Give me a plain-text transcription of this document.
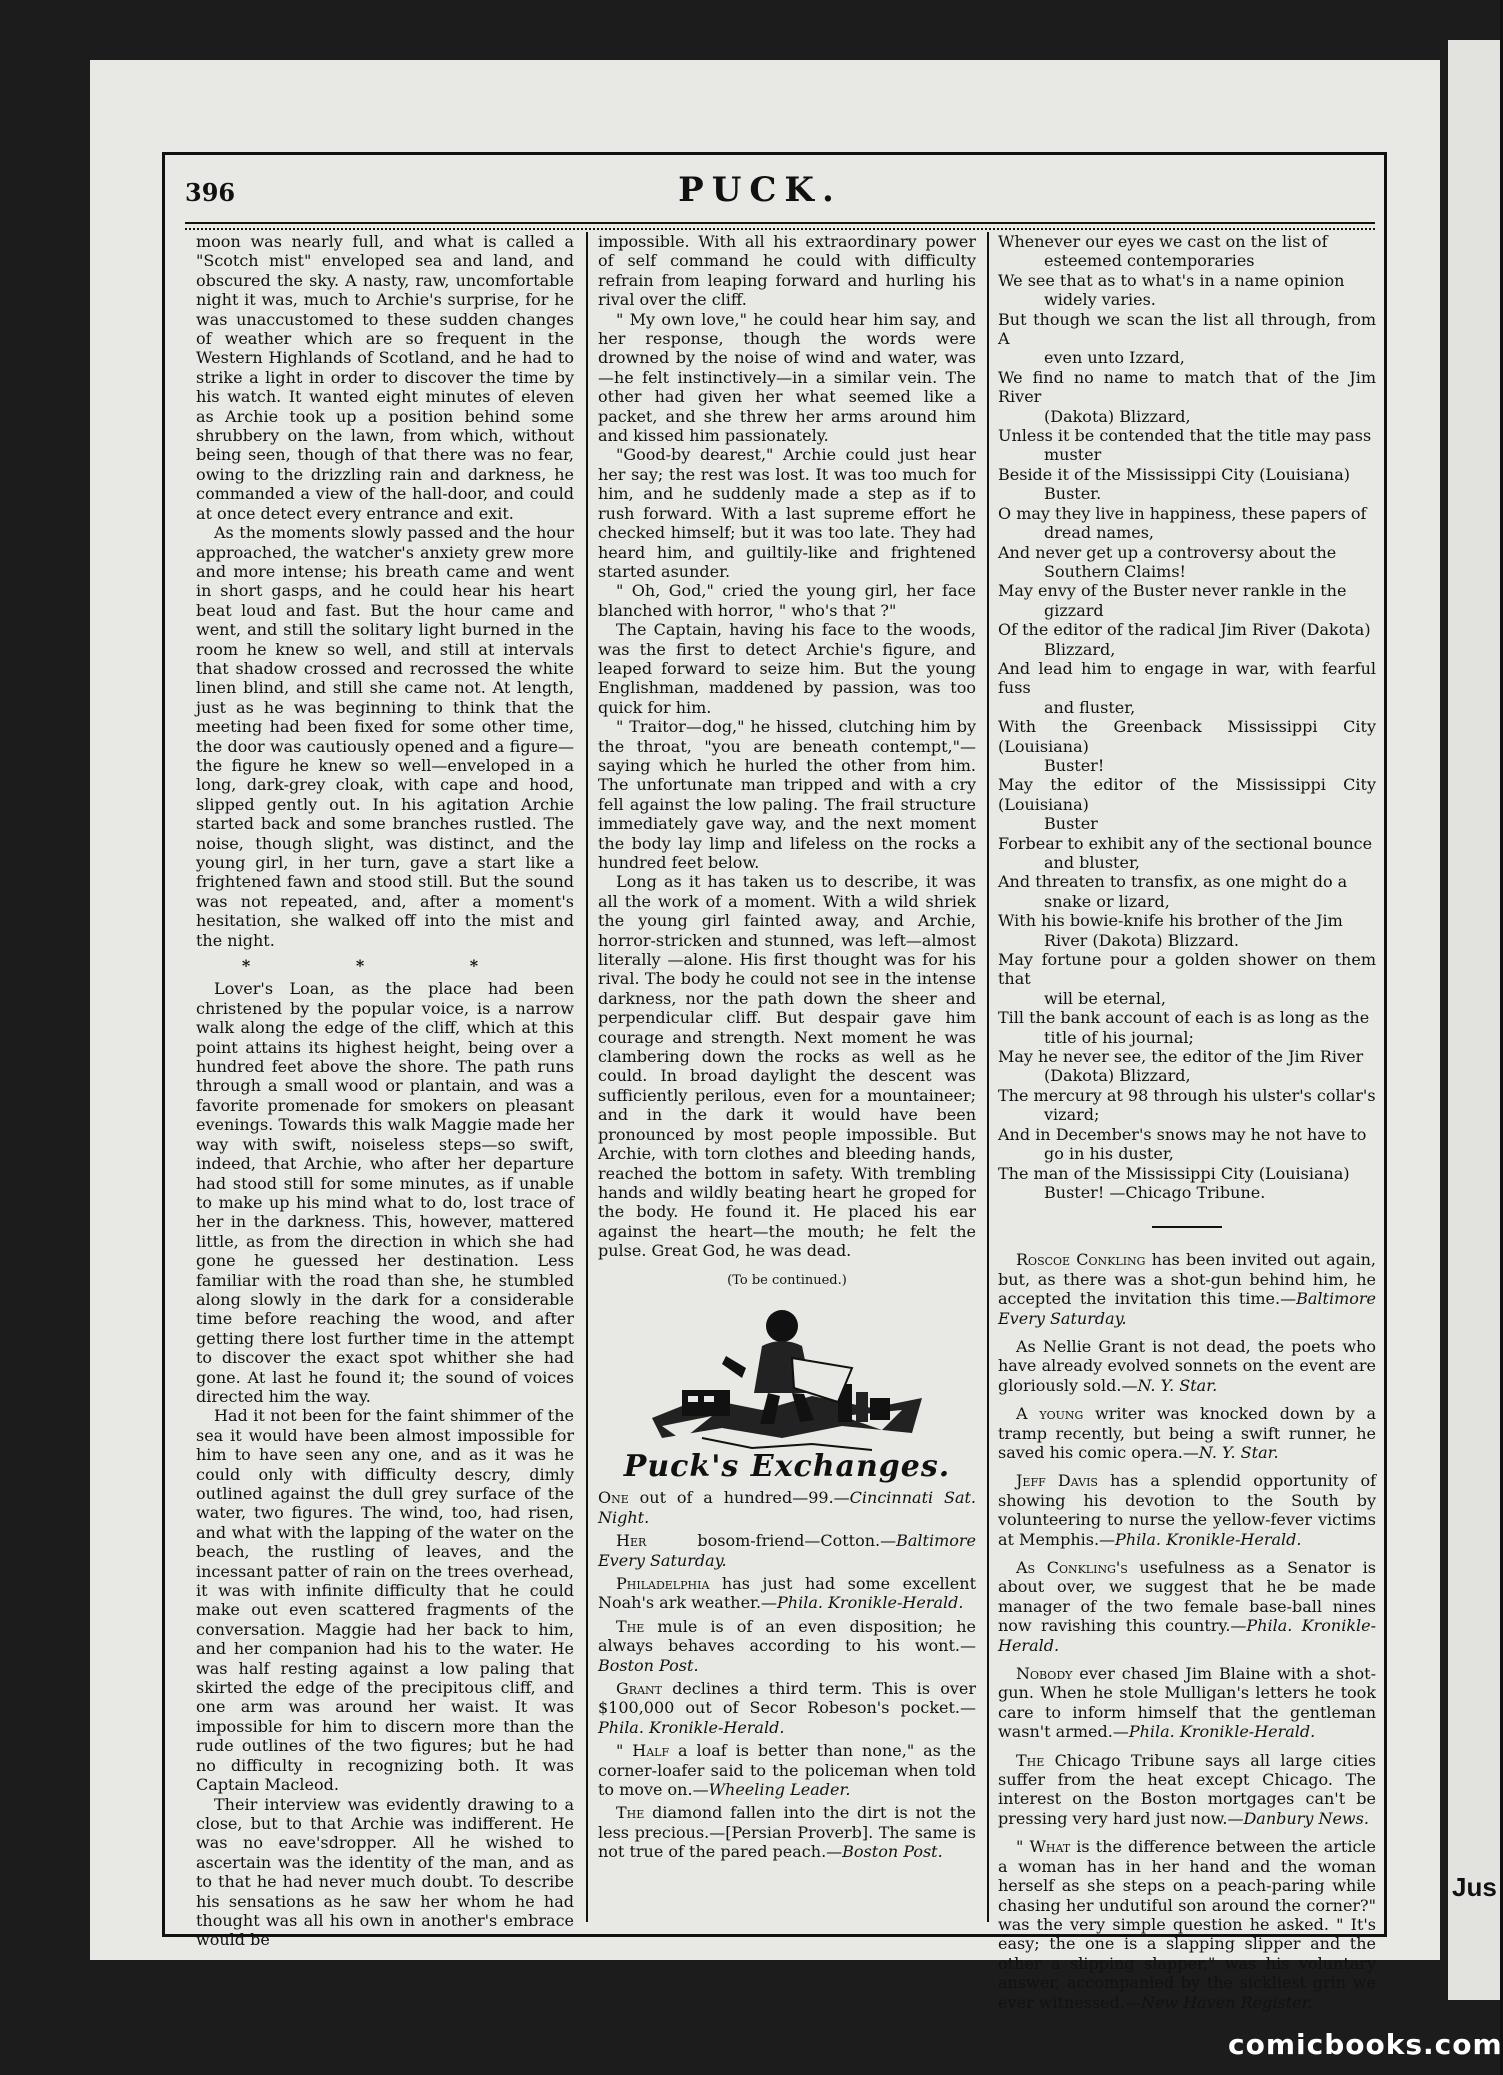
Jus
396	PUCK.

moon was nearly full, and what is called a "Scotch mist" enveloped sea and land, and obscured the sky. A nasty, raw, uncomfortable night it was, much to Archie's surprise, for he was unaccustomed to these sudden changes of weather which are so frequent in the Western Highlands of Scotland, and he had to strike a light in order to discover the time by his watch. It wanted eight minutes of eleven as Archie took up a position behind some shrubbery on the lawn, from which, without being seen, though of that there was no fear, owing to the drizzling rain and darkness, he commanded a view of the hall-door, and could at once detect every entrance and exit.

As the moments slowly passed and the hour approached, the watcher's anxiety grew more and more intense; his breath came and went in short gasps, and he could hear his heart beat loud and fast. But the hour came and went, and still the solitary light burned in the room he knew so well, and still at intervals that shadow crossed and recrossed the white linen blind, and still she came not. At length, just as he was beginning to think that the meeting had been fixed for some other time, the door was cautiously opened and a figure—the figure he knew so well—enveloped in a long, dark-grey cloak, with cape and hood, slipped gently out. In his agitation Archie started back and some branches rustled. The noise, though slight, was distinct, and the young girl, in her turn, gave a start like a frightened fawn and stood still. But the sound was not repeated, and, after a moment's hesitation, she walked off into the mist and the night.

* * *

Lover's Loan, as the place had been christened by the popular voice, is a narrow walk along the edge of the cliff, which at this point attains its highest height, being over a hundred feet above the shore. The path runs through a small wood or plantain, and was a favorite promenade for smokers on pleasant evenings. Towards this walk Maggie made her way with swift, noiseless steps—so swift, indeed, that Archie, who after her departure had stood still for some minutes, as if unable to make up his mind what to do, lost trace of her in the darkness. This, however, mattered little, as from the direction in which she had gone he guessed her destination. Less familiar with the road than she, he stumbled along slowly in the dark for a considerable time before reaching the wood, and after getting there lost further time in the attempt to discover the exact spot whither she had gone. At last he found it; the sound of voices directed him the way.

Had it not been for the faint shimmer of the sea it would have been almost impossible for him to have seen any one, and as it was he could only with difficulty descry, dimly outlined against the dull grey surface of the water, two figures. The wind, too, had risen, and what with the lapping of the water on the beach, the rustling of leaves, and the incessant patter of rain on the trees overhead, it was with infinite difficulty that he could make out even scattered fragments of the conversation. Maggie had her back to him, and her companion had his to the water. He was half resting against a low paling that skirted the edge of the precipitous cliff, and one arm was around her waist. It was impossible for him to discern more than the rude outlines of the two figures; but he had no difficulty in recognizing both. It was Captain Macleod.

Their interview was evidently drawing to a close, but to that Archie was indifferent. He was no eave'sdropper. All he wished to ascertain was the identity of the man, and as to that he had never much doubt. To describe his sensations as he saw her whom he had thought was all his own in another's embrace would be

impossible. With all his extraordinary power of self command he could with difficulty refrain from leaping forward and hurling his rival over the cliff.

" My own love," he could hear him say, and her response, though the words were drowned by the noise of wind and water, was—he felt instinctively—in a similar vein. The other had given her what seemed like a packet, and she threw her arms around him and kissed him passionately.

"Good-by dearest," Archie could just hear her say; the rest was lost. It was too much for him, and he suddenly made a step as if to rush forward. With a last supreme effort he checked himself; but it was too late. They had heard him, and guiltily-like and frightened started asunder.

" Oh, God," cried the young girl, her face blanched with horror, " who's that ?"

The Captain, having his face to the woods, was the first to detect Archie's figure, and leaped forward to seize him. But the young Englishman, maddened by passion, was too quick for him.

" Traitor—dog," he hissed, clutching him by the throat, "you are beneath contempt,"—saying which he hurled the other from him. The unfortunate man tripped and with a cry fell against the low paling. The frail structure immediately gave way, and the next moment the body lay limp and lifeless on the rocks a hundred feet below.

Long as it has taken us to describe, it was all the work of a moment. With a wild shriek the young girl fainted away, and Archie, horror-stricken and stunned, was left—almost literally —alone. His first thought was for his rival. The body he could not see in the intense darkness, nor the path down the sheer and perpendicular cliff. But despair gave him courage and strength. Next moment he was clambering down the rocks as well as he could. In broad daylight the descent was sufficiently perilous, even for a mountaineer; and in the dark it would have been pronounced by most people impossible. But Archie, with torn clothes and bleeding hands, reached the bottom in safety. With trembling hands and wildly beating heart he groped for the body. He found it. He placed his ear against the heart—the mouth; he felt the pulse. Great God, he was dead.

(To be continued.)
Puck's Exchanges.

One out of a hundred—99.—Cincinnati Sat. Night.

Her bosom-friend—Cotton.—Baltimore Every Saturday.

Philadelphia has just had some excellent Noah's ark weather.—Phila. Kronikle-Herald.

The mule is of an even disposition; he always behaves according to his wont.—Boston Post.

Grant declines a third term. This is over $100,000 out of Secor Robeson's pocket.—Phila. Kronikle-Herald.

" Half a loaf is better than none," as the corner-loafer said to the policeman when told to move on.—Wheeling Leader.

The diamond fallen into the dirt is not the less precious.—[Persian Proverb]. The same is not true of the pared peach.—Boston Post.

Whenever our eyes we cast on the list of
esteemed contemporaries
We see that as to what's in a name opinion
widely varies.
But though we scan the list all through, from A
even unto Izzard,
We find no name to match that of the Jim River
(Dakota) Blizzard,
Unless it be contended that the title may pass
muster
Beside it of the Mississippi City (Louisiana)
Buster.
O may they live in happiness, these papers of
dread names,
And never get up a controversy about the
Southern Claims!
May envy of the Buster never rankle in the
gizzard
Of the editor of the radical Jim River (Dakota)
Blizzard,
And lead him to engage in war, with fearful fuss
and fluster,
With the Greenback Mississippi City (Louisiana)
Buster!
May the editor of the Mississippi City (Louisiana)
Buster
Forbear to exhibit any of the sectional bounce
and bluster,
And threaten to transfix, as one might do a
snake or lizard,
With his bowie-knife his brother of the Jim
River (Dakota) Blizzard.
May fortune pour a golden shower on them that
will be eternal,
Till the bank account of each is as long as the
title of his journal;
May he never see, the editor of the Jim River
(Dakota) Blizzard,
The mercury at 98 through his ulster's collar's
vizard;
And in December's snows may he not have to
go in his duster,
The man of the Mississippi City (Louisiana)
Buster! —Chicago Tribune.

Roscoe Conkling has been invited out again, but, as there was a shot-gun behind him, he accepted the invitation this time.—Baltimore Every Saturday.

As Nellie Grant is not dead, the poets who have already evolved sonnets on the event are gloriously sold.—N. Y. Star.

A young writer was knocked down by a tramp recently, but being a swift runner, he saved his comic opera.—N. Y. Star.

Jeff Davis has a splendid opportunity of showing his devotion to the South by volunteering to nurse the yellow-fever victims at Memphis.—Phila. Kronikle-Herald.

As Conkling's usefulness as a Senator is about over, we suggest that he be made manager of the two female base-ball nines now ravishing this country.—Phila. Kronikle-Herald.

Nobody ever chased Jim Blaine with a shot-gun. When he stole Mulligan's letters he took care to inform himself that the gentleman wasn't armed.—Phila. Kronikle-Herald.

The Chicago Tribune says all large cities suffer from the heat except Chicago. The interest on the Boston mortgages can't be pressing very hard just now.—Danbury News.

" What is the difference between the article a woman has in her hand and the woman herself as she steps on a peach-paring while chasing her undutiful son around the corner?" was the very simple question he asked. " It's easy; the one is a slapping slipper and the other a slipping slapper," was his voluntary answer, accompanied by the sickliest grin we ever witnessed.—New Haven Register.

comicbooks.com
